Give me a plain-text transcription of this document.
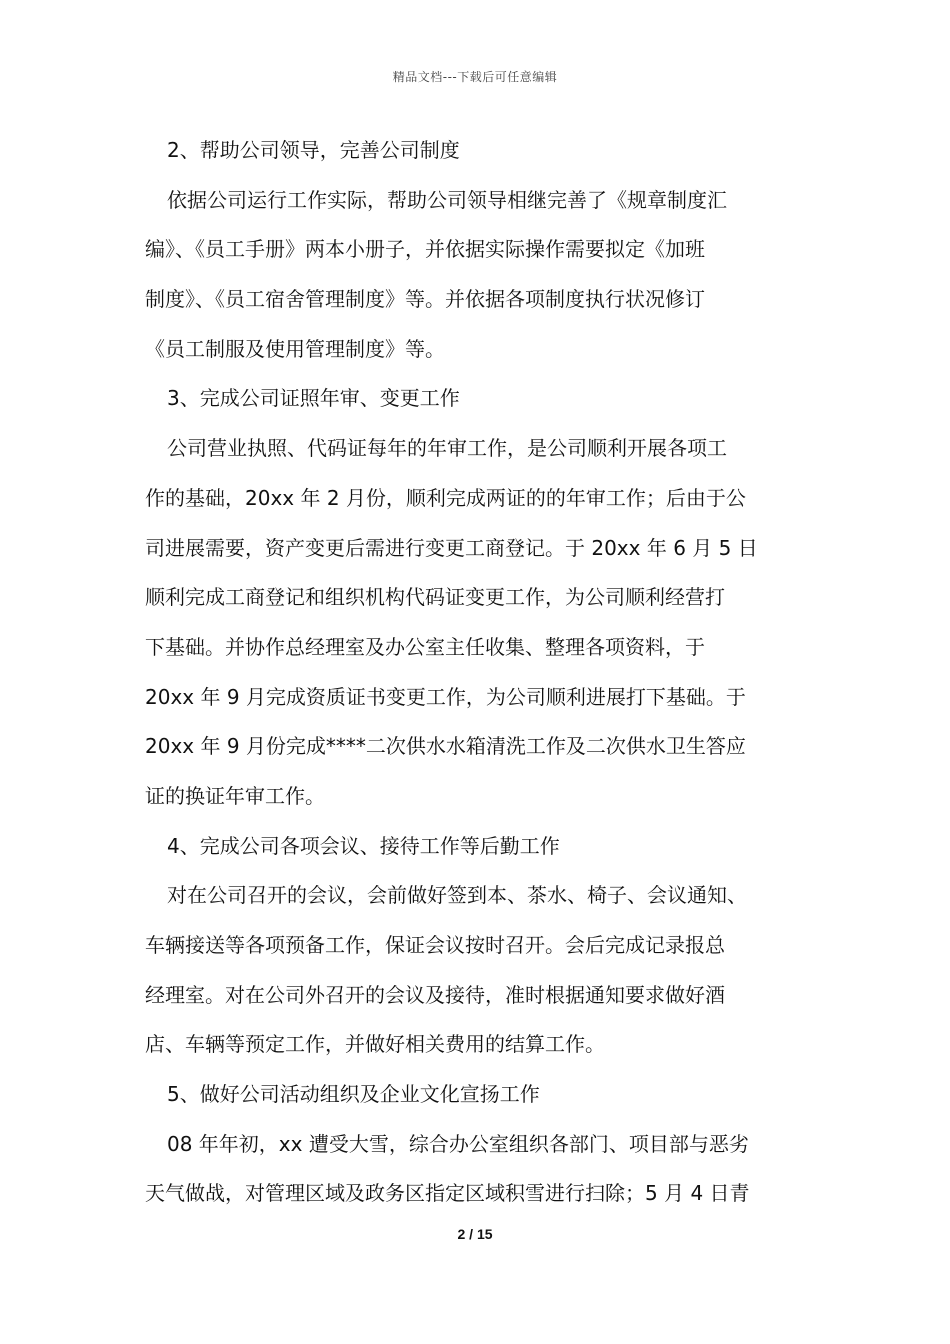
精品文档---下载后可任意编辑
2、帮助公司领导，完善公司制度
依据公司运行工作实际，帮助公司领导相继完善了《规章制度汇
编》、《员工手册》两本小册子，并依据实际操作需要拟定《加班
制度》、《员工宿舍管理制度》等。并依据各项制度执行状况修订
《员工制服及使用管理制度》等。
3、完成公司证照年审、变更工作
公司营业执照、代码证每年的年审工作，是公司顺利开展各项工
作的基础，20xx 年 2 月份，顺利完成两证的的年审工作；后由于公
司进展需要，资产变更后需进行变更工商登记。于 20xx 年 6 月 5 日
顺利完成工商登记和组织机构代码证变更工作，为公司顺利经营打
下基础。并协作总经理室及办公室主任收集、整理各项资料，于
20xx 年 9 月完成资质证书变更工作，为公司顺利进展打下基础。于
20xx 年 9 月份完成****二次供水水箱清洗工作及二次供水卫生答应
证的换证年审工作。
4、完成公司各项会议、接待工作等后勤工作
对在公司召开的会议，会前做好签到本、茶水、椅子、会议通知、
车辆接送等各项预备工作，保证会议按时召开。会后完成记录报总
经理室。对在公司外召开的会议及接待，准时根据通知要求做好酒
店、车辆等预定工作，并做好相关费用的结算工作。
5、做好公司活动组织及企业文化宣扬工作
08 年年初，xx 遭受大雪，综合办公室组织各部门、项目部与恶劣
天气做战，对管理区域及政务区指定区域积雪进行扫除；5 月 4 日青
2 / 15
